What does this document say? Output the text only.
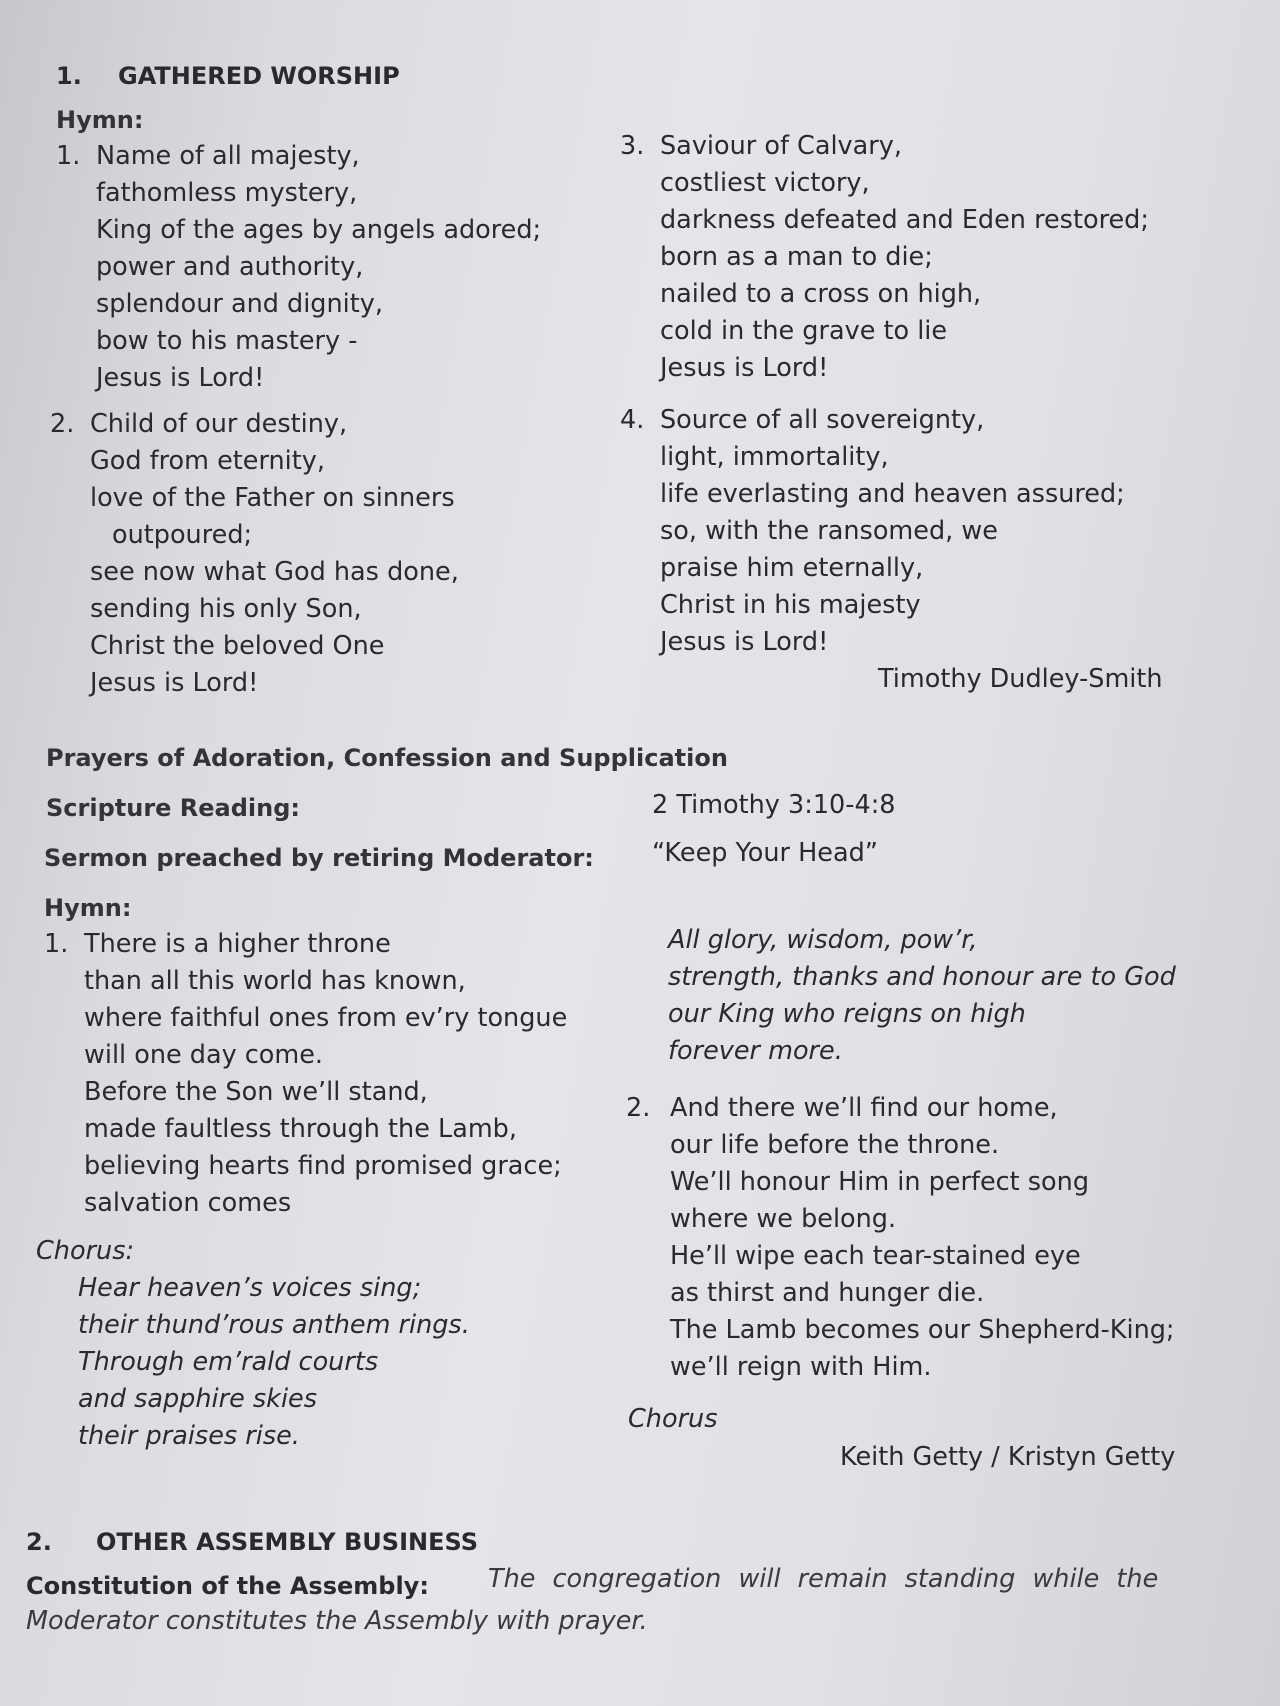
1. GATHERED WORSHIP
Hymn:
1. Name of all majesty,
fathomless mystery,
King of the ages by angels adored;
power and authority,
splendour and dignity,
bow to his mastery -
Jesus is Lord!
2. Child of our destiny,
God from eternity,
love of the Father on sinners
outpoured;
see now what God has done,
sending his only Son,
Christ the beloved One
Jesus is Lord!
3. Saviour of Calvary,
costliest victory,
darkness defeated and Eden restored;
born as a man to die;
nailed to a cross on high,
cold in the grave to lie
Jesus is Lord!
4. Source of all sovereignty,
light, immortality,
life everlasting and heaven assured;
so, with the ransomed, we
praise him eternally,
Christ in his majesty
Jesus is Lord!
Timothy Dudley-Smith
Prayers of Adoration, Confession and Supplication
Scripture Reading:	2 Timothy 3:10-4:8
Sermon preached by retiring Moderator: “Keep Your Head”
Hymn:
1. There is a higher throne
than all this world has known,
where faithful ones from ev’ry tongue
will one day come.
Before the Son we’ll stand,
made faultless through the Lamb,
believing hearts find promised grace;
salvation comes
Chorus:
Hear heaven’s voices sing;
their thund’rous anthem rings.
Through em’rald courts
and sapphire skies
their praises rise.
All glory, wisdom, pow’r,
strength, thanks and honour are to God
our King who reigns on high
forever more.
2. And there we’ll find our home,
our life before the throne.
We’ll honour Him in perfect song
where we belong.
He’ll wipe each tear-stained eye
as thirst and hunger die.
The Lamb becomes our Shepherd-King;
we’ll reign with Him.
Chorus
Keith Getty / Kristyn Getty
2. OTHER ASSEMBLY BUSINESS
Constitution of the Assembly: The congregation will remain standing while the
Moderator constitutes the Assembly with prayer.
